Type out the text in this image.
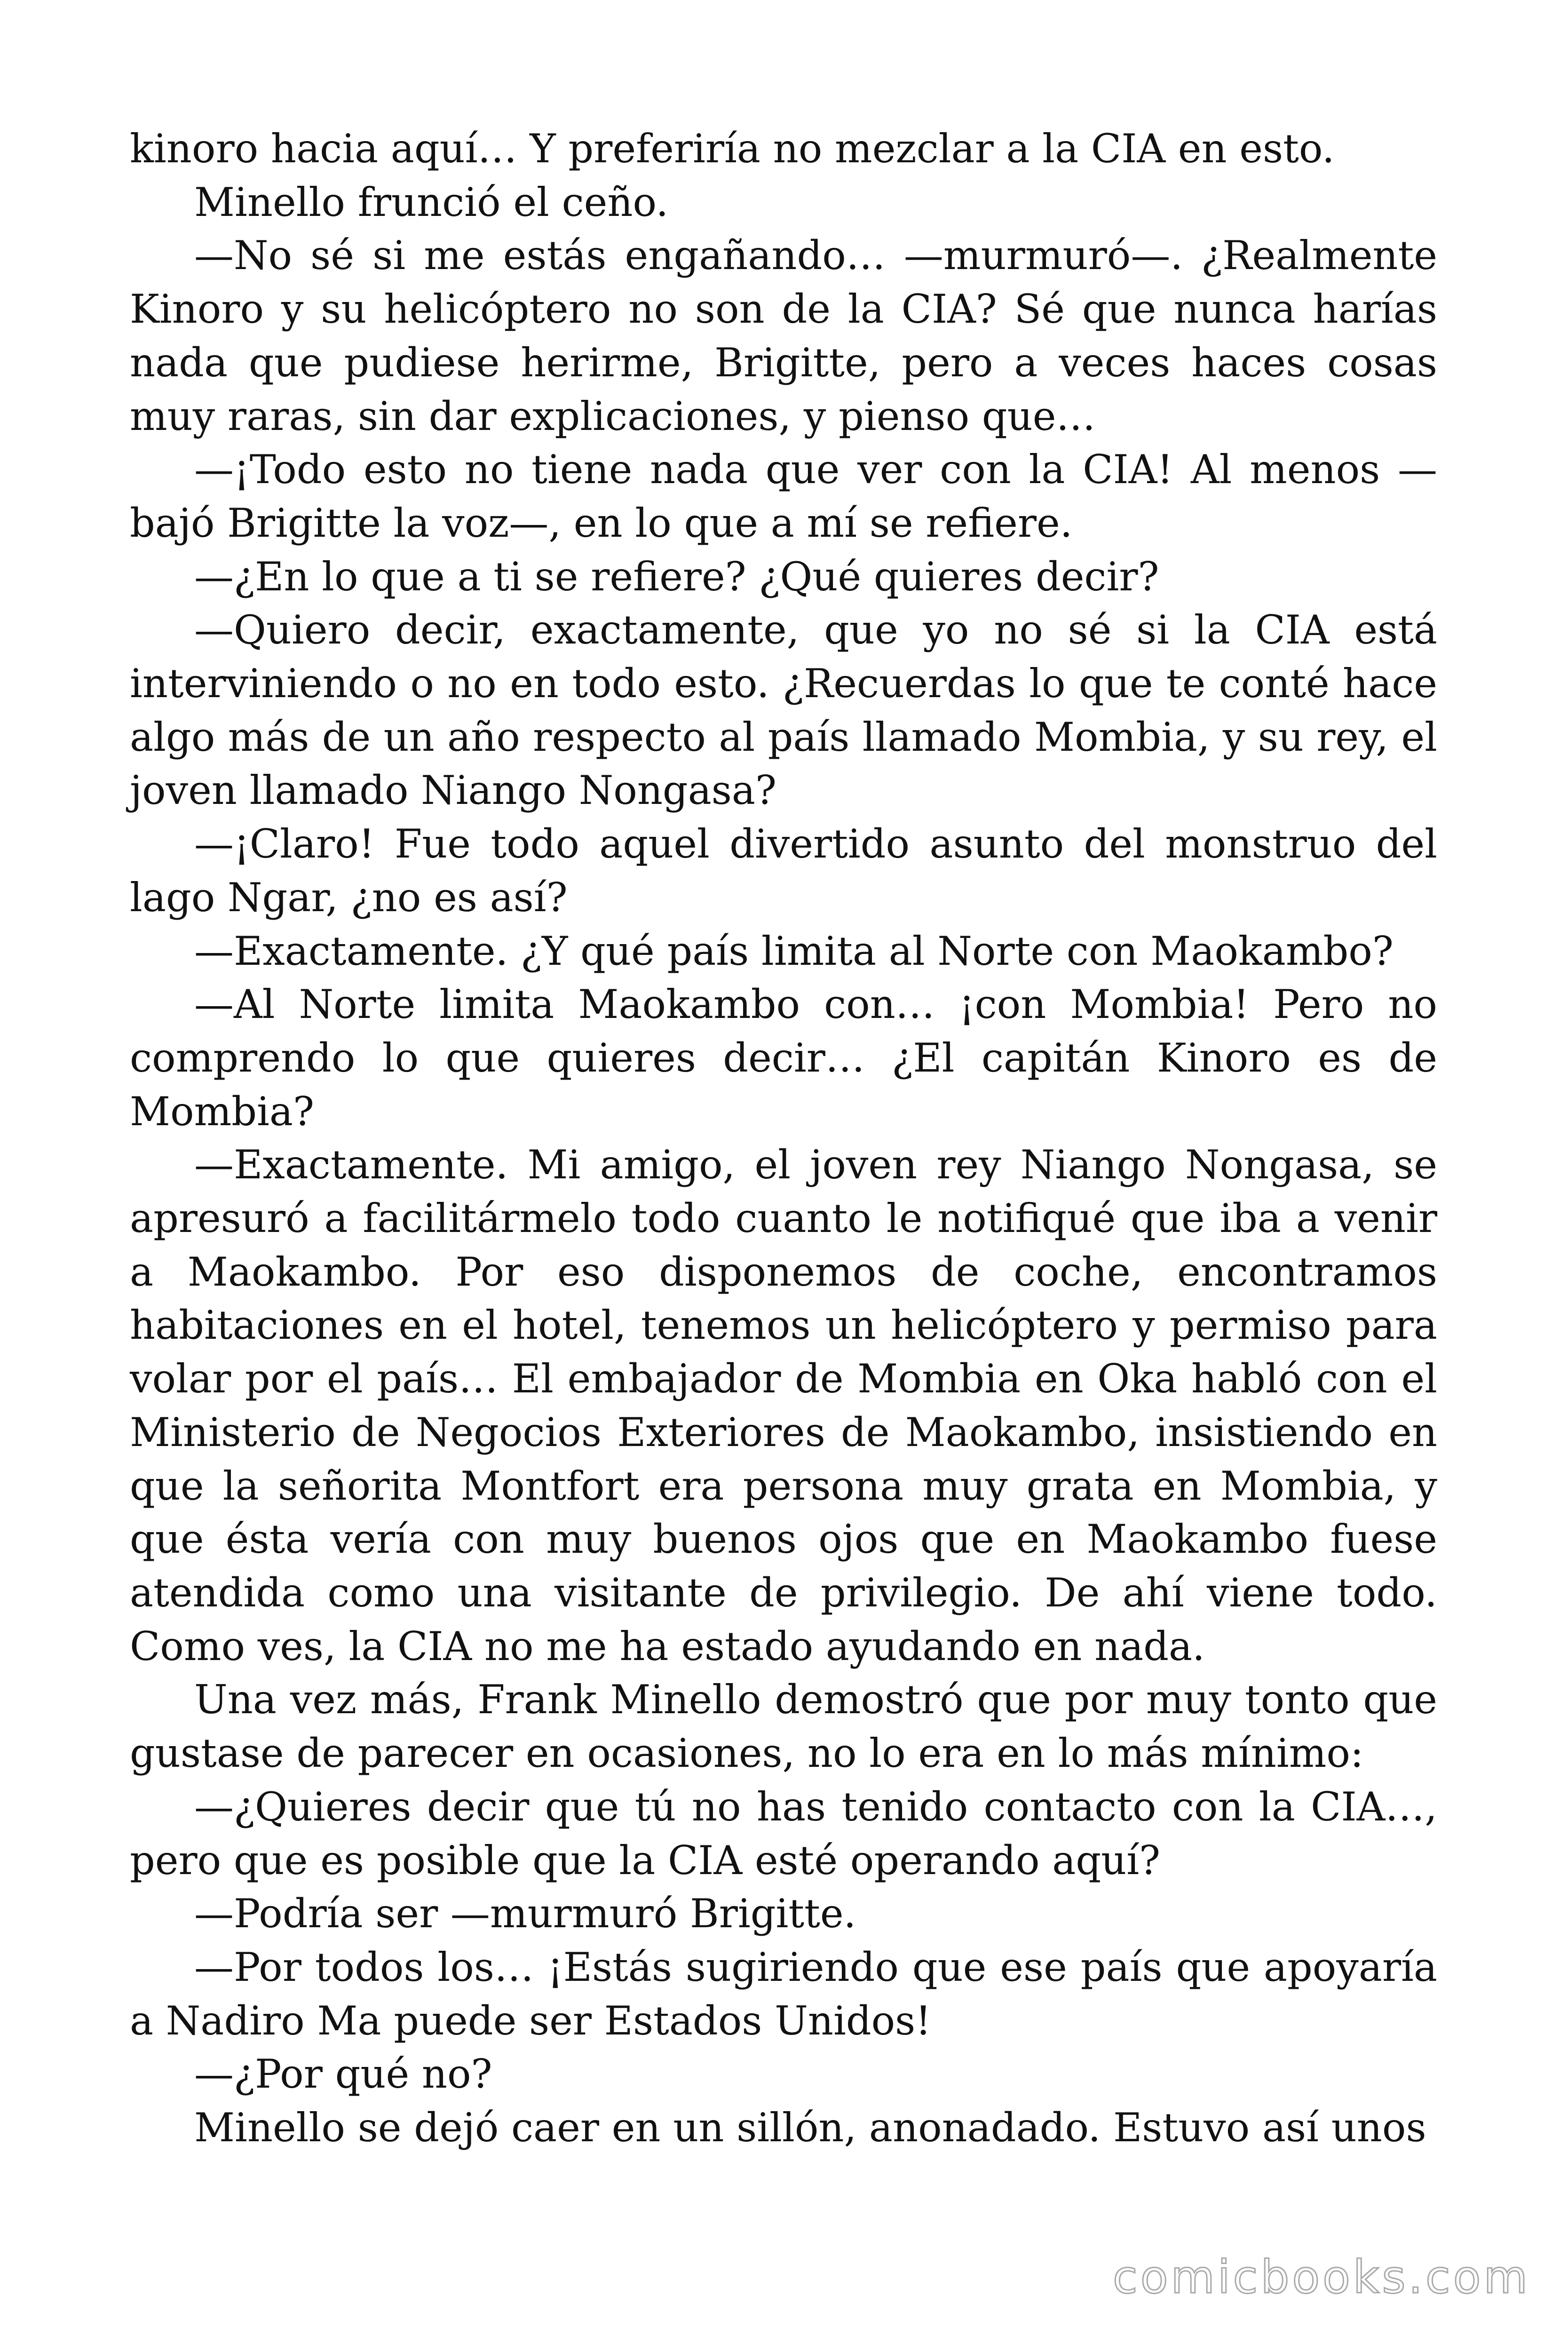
kinoro hacia aquí… Y preferiría no mezclar a la CIA en esto.

Minello frunció el ceño.

—No sé si me estás engañando… —murmuró—. ¿Realmente Kinoro y su helicóptero no son de la CIA? Sé que nunca harías nada que pudiese herirme, Brigitte, pero a veces haces cosas muy raras, sin dar explicaciones, y pienso que…

—¡Todo esto no tiene nada que ver con la CIA! Al menos —bajó Brigitte la voz—, en lo que a mí se refiere.

—¿En lo que a ti se refiere? ¿Qué quieres decir?

—Quiero decir, exactamente, que yo no sé si la CIA está interviniendo o no en todo esto. ¿Recuerdas lo que te conté hace algo más de un año respecto al país llamado Mombia, y su rey, el joven llamado Niango Nongasa?

—¡Claro! Fue todo aquel divertido asunto del monstruo del lago Ngar, ¿no es así?

—Exactamente. ¿Y qué país limita al Norte con Maokambo?

—Al Norte limita Maokambo con… ¡con Mombia! Pero no comprendo lo que quieres decir… ¿El capitán Kinoro es de Mombia?

—Exactamente. Mi amigo, el joven rey Niango Nongasa, se apresuró a facilitármelo todo cuanto le notifiqué que iba a venir a Maokambo. Por eso disponemos de coche, encontramos habitaciones en el hotel, tenemos un helicóptero y permiso para volar por el país… El embajador de Mombia en Oka habló con el Ministerio de Negocios Exteriores de Maokambo, insistiendo en que la señorita Montfort era persona muy grata en Mombia, y que ésta vería con muy buenos ojos que en Maokambo fuese atendida como una visitante de privilegio. De ahí viene todo. Como ves, la CIA no me ha estado ayudando en nada.

Una vez más, Frank Minello demostró que por muy tonto que gustase de parecer en ocasiones, no lo era en lo más mínimo:

—¿Quieres decir que tú no has tenido contacto con la CIA…, pero que es posible que la CIA esté operando aquí?

—Podría ser —murmuró Brigitte.

—Por todos los… ¡Estás sugiriendo que ese país que apoyaría a Nadiro Ma puede ser Estados Unidos!

—¿Por qué no?

Minello se dejó caer en un sillón, anonadado. Estuvo así unos

comicbooks.com
